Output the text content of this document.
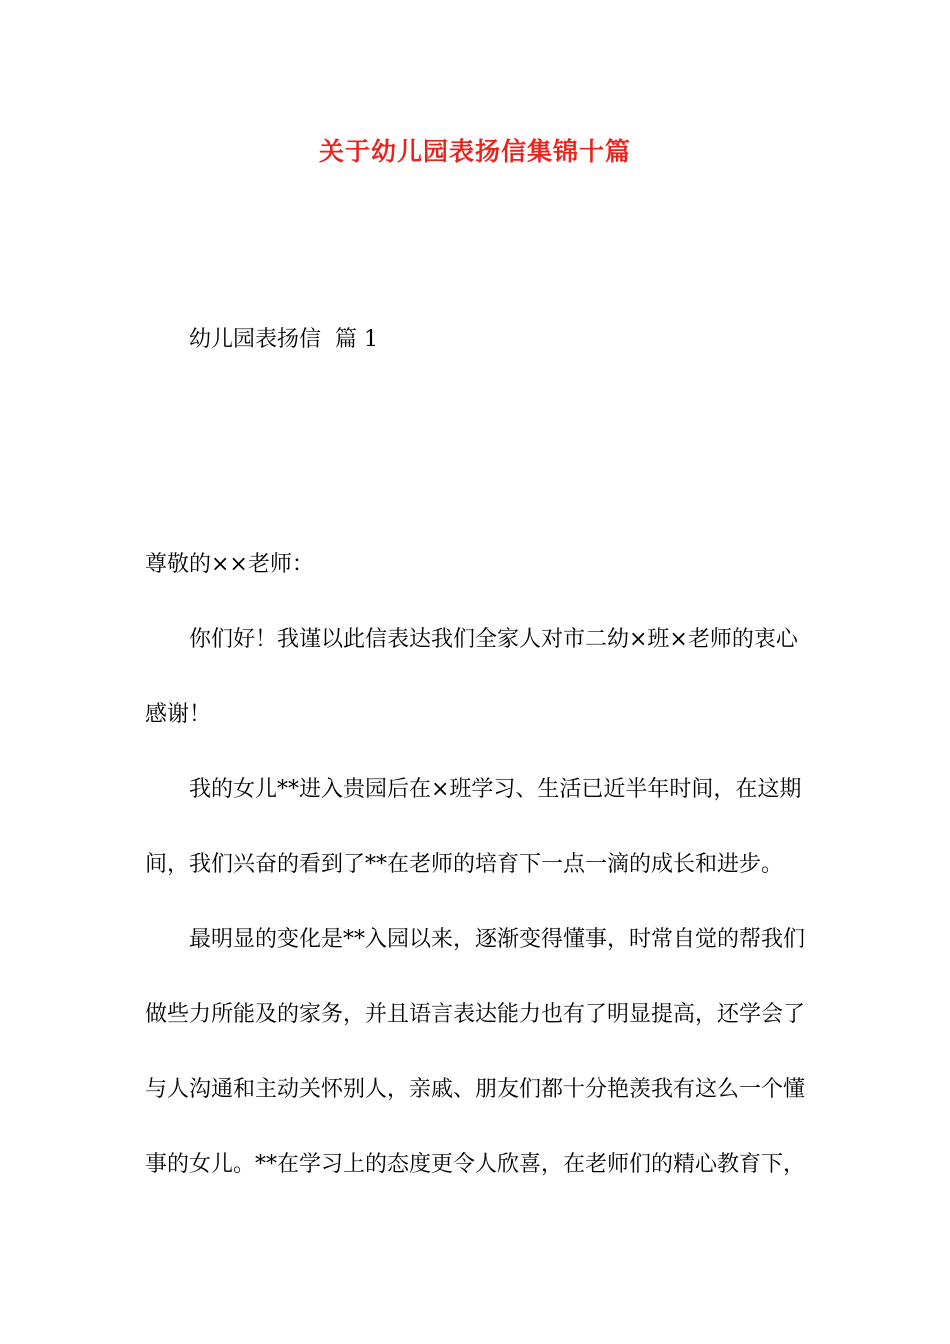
关于幼儿园表扬信集锦十篇
幼儿园表扬信  篇 1
尊敬的××老师：
你们好！我谨以此信表达我们全家人对市二幼×班×老师的衷心
感谢！
我的女儿**进入贵园后在×班学习、生活已近半年时间，在这期
间，我们兴奋的看到了**在老师的培育下一点一滴的成长和进步。
最明显的变化是**入园以来，逐渐变得懂事，时常自觉的帮我们
做些力所能及的家务，并且语言表达能力也有了明显提高，还学会了
与人沟通和主动关怀别人，亲戚、朋友们都十分艳羡我有这么一个懂
事的女儿。**在学习上的态度更令人欣喜，在老师们的精心教育下，
